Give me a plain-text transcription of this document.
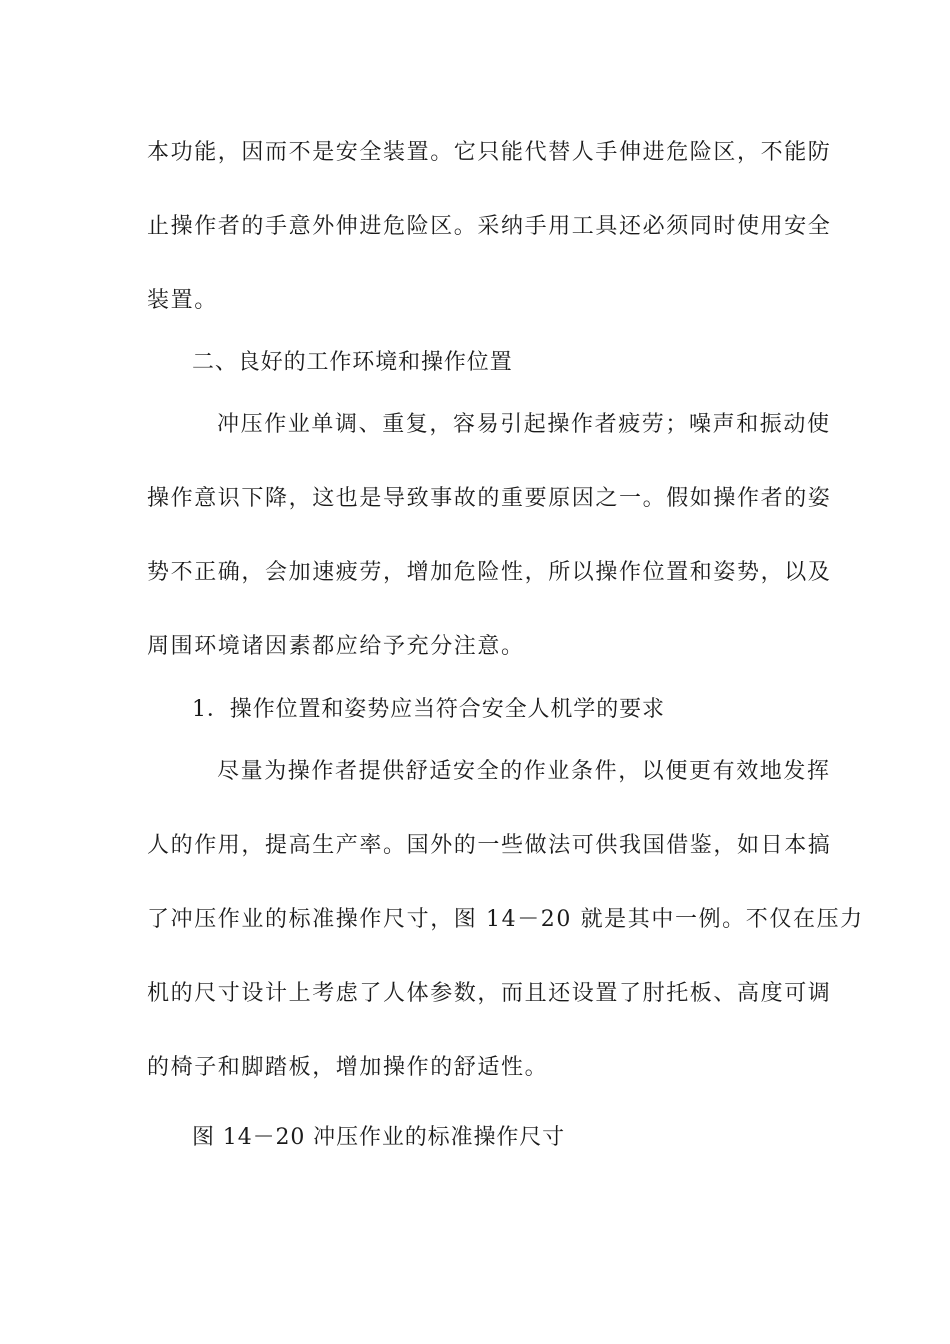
本功能，因而不是安全装置。它只能代替人手伸进危险区，不能防
止操作者的手意外伸进危险区。采纳手用工具还必须同时使用安全
装置。
二、良好的工作环境和操作位置
冲压作业单调、重复，容易引起操作者疲劳；噪声和振动使
操作意识下降，这也是导致事故的重要原因之一。假如操作者的姿
势不正确，会加速疲劳，增加危险性，所以操作位置和姿势，以及
周围环境诸因素都应给予充分注意。
1．操作位置和姿势应当符合安全人机学的要求
尽量为操作者提供舒适安全的作业条件，以便更有效地发挥
人的作用，提高生产率。国外的一些做法可供我国借鉴，如日本搞
了冲压作业的标准操作尺寸，图 14－20 就是其中一例。不仅在压力
机的尺寸设计上考虑了人体参数，而且还设置了肘托板、高度可调
的椅子和脚踏板，增加操作的舒适性。
图 14－20 冲压作业的标准操作尺寸
